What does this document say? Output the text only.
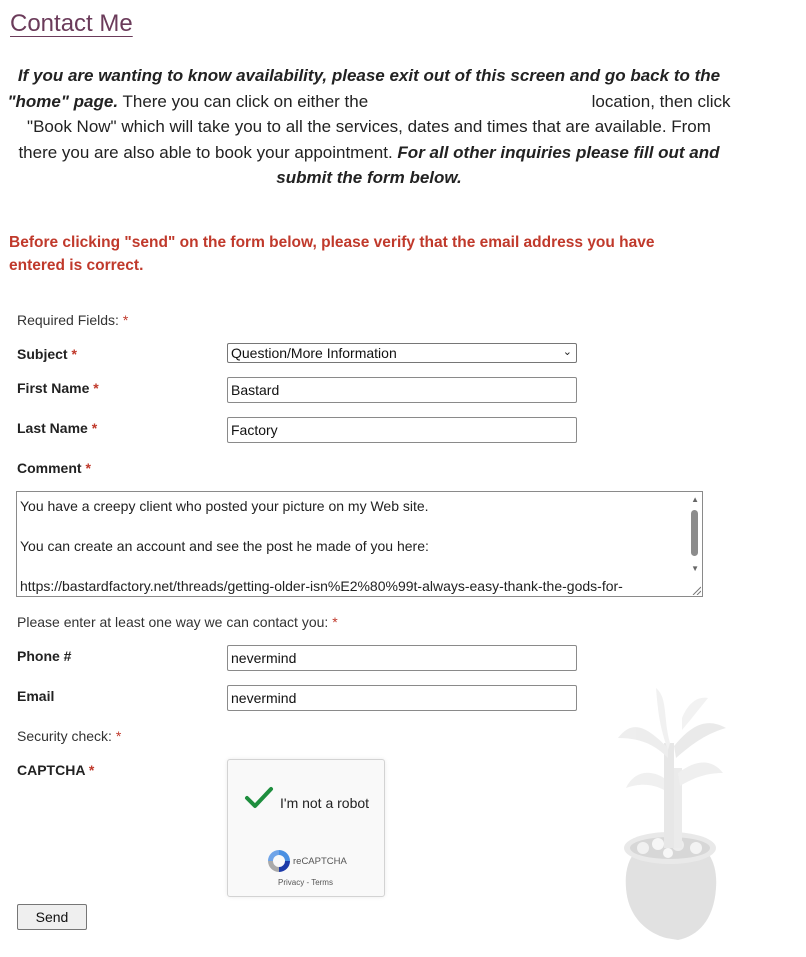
Contact Me
If you are wanting to know availability, please exit out of this screen and go back to the "home" page. There you can click on either the	location, then click "Book Now" which will take you to all the services, dates and times that are available. From there you are also able to book your appointment. For all other inquiries please fill out and submit the form below.
Before clicking "send" on the form below, please verify that the email address you have entered is correct.
Required Fields: *
Subject *	Question/More Information	⌄
First Name *	Bastard
Last Name *	Factory
Comment *

You have a creepy client who posted your picture on my Web site.

You can create an account and see the post he made of you here:

https://bastardfactory.net/threads/getting-older-isn%E2%80%99t-always-easy-thank-the-gods-for-

▲
▼
Please enter at least one way we can contact you: *
Phone #	nevermind
Email	nevermind
Security check: *
CAPTCHA *
I'm not a robot
reCAPTCHA
Privacy - Terms
Send
